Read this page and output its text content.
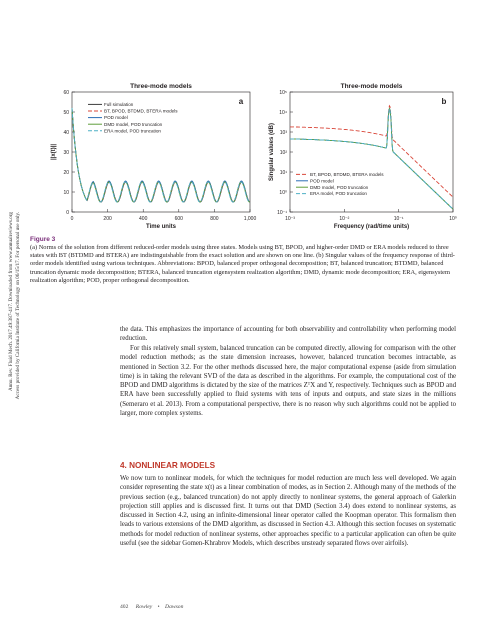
Annu. Rev. Fluid Mech. 2017.49:387-417. Downloaded from www.annualreviews.org Access provided by California Institute of Technology on 06/15/17. For personal use only.
Three-mode models
0
10
20
30
40
50
60
0	200	400	600	800	1,000
Time units
||x(t)||
a
Full simulation
BT, BPOD, BTDMD, BTERA models
POD model
DMD model, POD truncation
ERA model, POD truncation
Three-mode models
10⁻¹
10⁰
10¹
10²
10³
10⁴
10⁵
10⁻³	10⁻²	10⁻¹	10⁰
Frequency (rad/time units)
Singular values (dB)
b
BT, BPOD, BTDMD, BTERA models
POD model
DMD model, POD truncation
ERA model, POD truncation
Figure 3
(a) Norms of the solution from different reduced-order models using three states. Models using BT, BPOD, and higher-order DMD or ERA models reduced to three states with BT (BTDMD and BTERA) are indistinguishable from the exact solution and are shown on one line. (b) Singular values of the frequency response of third-order models identified using various techniques. Abbreviations: BPOD, balanced proper orthogonal decomposition; BT, balanced truncation; BTDMD, balanced truncation dynamic mode decomposition; BTERA, balanced truncation eigensystem realization algorithm; DMD, dynamic mode decomposition; ERA, eigensystem realization algorithm; POD, proper orthogonal decomposition.
the data. This emphasizes the importance of accounting for both observability and controllability when performing model reduction.
For this relatively small system, balanced truncation can be computed directly, allowing for comparison with the other model reduction methods; as the state dimension increases, however, balanced truncation becomes intractable, as mentioned in Section 3.2. For the other methods discussed here, the major computational expense (aside from simulation time) is in taking the relevant SVD of the data as described in the algorithms. For example, the computational cost of the BPOD and DMD algorithms is dictated by the size of the matrices ZᵀX and Y, respectively. Techniques such as BPOD and ERA have been successfully applied to fluid systems with tens of inputs and outputs, and state sizes in the millions (Semeraro et al. 2013). From a computational perspective, there is no reason why such algorithms could not be applied to larger, more complex systems.
4. NONLINEAR MODELS
We now turn to nonlinear models, for which the techniques for model reduction are much less well developed. We again consider representing the state x(t) as a linear combination of modes, as in Section 2. Although many of the methods of the previous section (e.g., balanced truncation) do not apply directly to nonlinear systems, the general approach of Galerkin projection still applies and is discussed first. It turns out that DMD (Section 3.4) does extend to nonlinear systems, as discussed in Section 4.2, using an infinite-dimensional linear operator called the Koopman operator. This formalism then leads to various extensions of the DMD algorithm, as discussed in Section 4.3. Although this section focuses on systematic methods for model reduction of nonlinear systems, other approaches specific to a particular application can often be quite useful (see the sidebar Gomen-Khrabrov Models, which describes unsteady separated flows over airfoils).
402 Rowley • Dawson
